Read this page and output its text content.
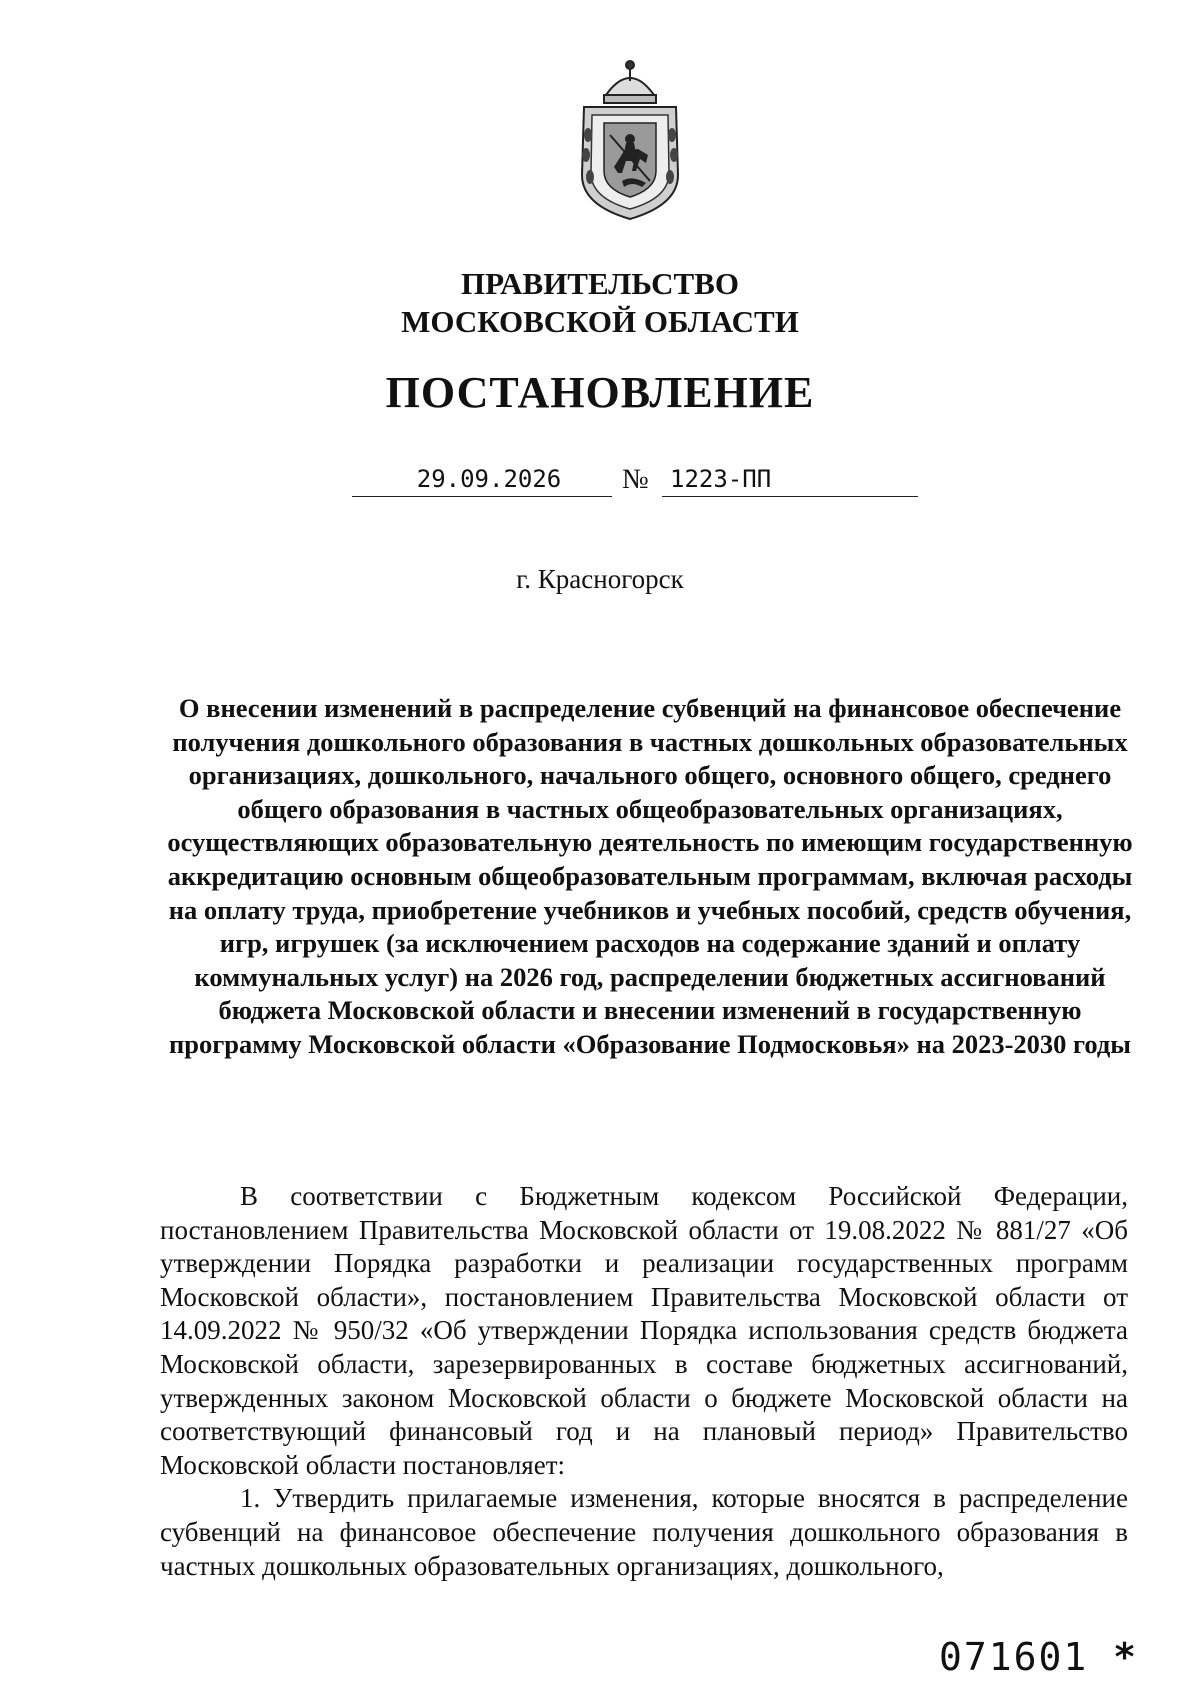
ПРАВИТЕЛЬСТВО
МОСКОВСКОЙ ОБЛАСТИ
ПОСТАНОВЛЕНИЕ
29.09.2026	№ 1223-ПП
г. Красногорск
О внесении изменений в распределение субвенций на финансовое обеспечение получения дошкольного образования в частных дошкольных образовательных организациях, дошкольного, начального общего, основного общего, среднего общего образования в частных общеобразовательных организациях, осуществляющих образовательную деятельность по имеющим государственную аккредитацию основным общеобразовательным программам, включая расходы на оплату труда, приобретение учебников и учебных пособий, средств обучения, игр, игрушек (за исключением расходов на содержание зданий и оплату коммунальных услуг) на 2026 год, распределении бюджетных ассигнований бюджета Московской области и внесении изменений в государственную программу Московской области «Образование Подмосковья» на 2023-2030 годы

В соответствии с Бюджетным кодексом Российской Федерации, постановлением Правительства Московской области от 19.08.2022 № 881/27 «Об утверждении Порядка разработки и реализации государственных программ Московской области», постановлением Правительства Московской области от 14.09.2022 № 950/32 «Об утверждении Порядка использования средств бюджета Московской области, зарезервированных в составе бюджетных ассигнований, утвержденных законом Московской области о бюджете Московской области на соответствующий финансовый год и на плановый период» Правительство Московской области постановляет:

1. Утвердить прилагаемые изменения, которые вносятся в распределение субвенций на финансовое обеспечение получения дошкольного образования в частных дошкольных образовательных организациях, дошкольного,

071601 *
